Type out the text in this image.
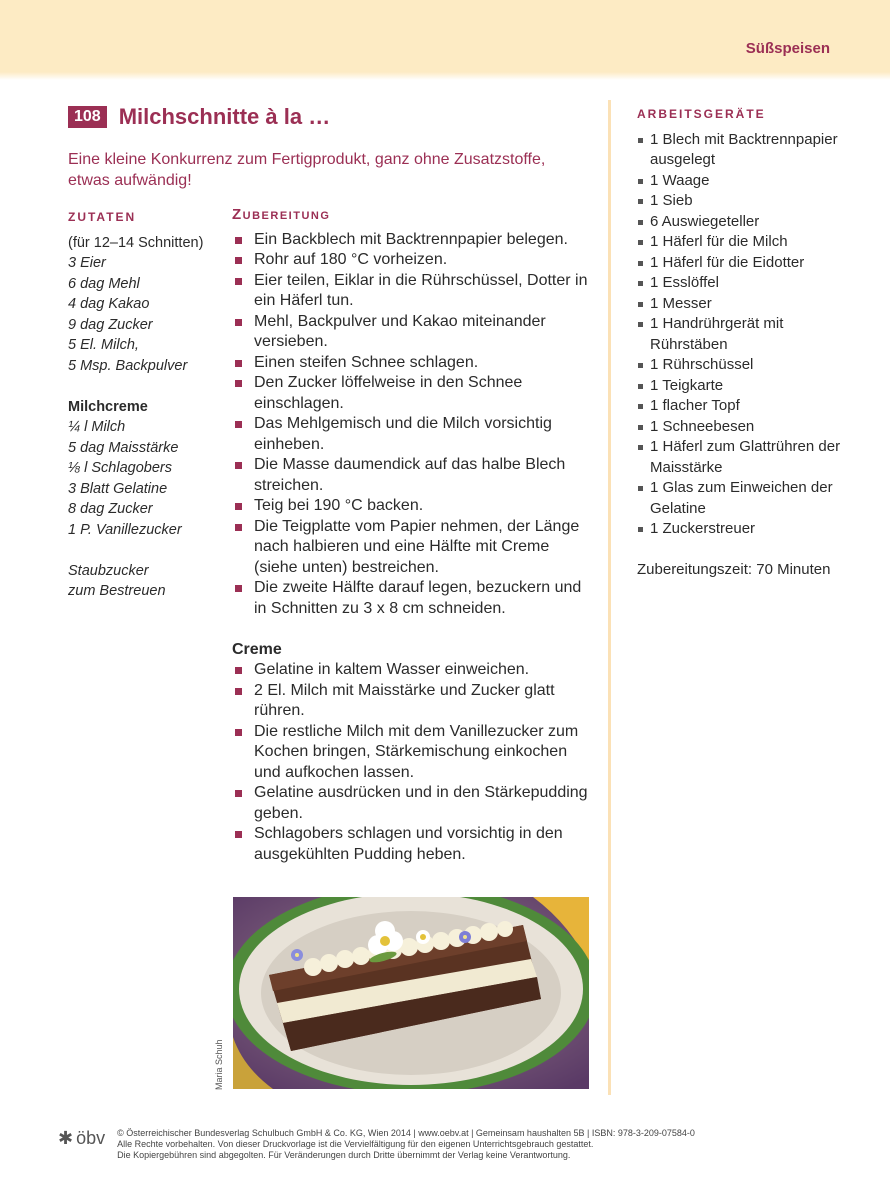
Süßspeisen
108 Milchschnitte à la …
Eine kleine Konkurrenz zum Fertigprodukt, ganz ohne Zusatzstoffe,
etwas aufwändig!
ZUTATEN
(für 12–14 Schnitten)
3 Eier
6 dag Mehl
4 dag Kakao
9 dag Zucker
5 El. Milch,
5 Msp. Backpulver
Milchcreme
¼ l Milch
5 dag Maisstärke
⅛ l Schlagobers
3 Blatt Gelatine
8 dag Zucker
1 P. Vanillezucker
Staubzucker
zum Bestreuen
Zubereitung
Ein Backblech mit Backtrennpapier belegen.
Rohr auf 180 °C vorheizen.
Eier teilen, Eiklar in die Rührschüssel, Dotter in ein Häferl tun.
Mehl, Backpulver und Kakao miteinander versieben.
Einen steifen Schnee schlagen.
Den Zucker löffelweise in den Schnee einschlagen.
Das Mehlgemisch und die Milch vorsichtig einheben.
Die Masse daumendick auf das halbe Blech streichen.
Teig bei 190 °C backen.
Die Teigplatte vom Papier nehmen, der Länge nach halbieren und eine Hälfte mit Creme (siehe unten) bestreichen.
Die zweite Hälfte darauf legen, bezuckern und in Schnitten zu 3 x 8 cm schneiden.
Creme
Gelatine in kaltem Wasser einweichen.
2 El. Milch mit Maisstärke und Zucker glatt rühren.
Die restliche Milch mit dem Vanillezucker zum Kochen bringen, Stärkemischung einkochen und aufkochen lassen.
Gelatine ausdrücken und in den Stärkepudding geben.
Schlagobers schlagen und vorsichtig in den ausgekühlten Pudding heben.
ARBEITSGERÄTE
1 Blech mit Backtrennpapier ausgelegt
1 Waage
1 Sieb
6 Auswiegeteller
1 Häferl für die Milch
1 Häferl für die Eidotter
1 Esslöffel
1 Messer
1 Handrührgerät mit Rührstäben
1 Rührschüssel
1 Teigkarte
1 flacher Topf
1 Schneebesen
1 Häferl zum Glattrühren der Maisstärke
1 Glas zum Einweichen der Gelatine
1 Zuckerstreuer
Zubereitungszeit: 70 Minuten
Maria Schuh
✱ öbv © Österreichischer Bundesverlag Schulbuch GmbH & Co. KG, Wien 2014 | www.oebv.at | Gemeinsam haushalten 5B | ISBN: 978-3-209-07584-0
Alle Rechte vorbehalten. Von dieser Druckvorlage ist die Vervielfältigung für den eigenen Unterrichtsgebrauch gestattet.
Die Kopiergebühren sind abgegolten. Für Veränderungen durch Dritte übernimmt der Verlag keine Verantwortung.
